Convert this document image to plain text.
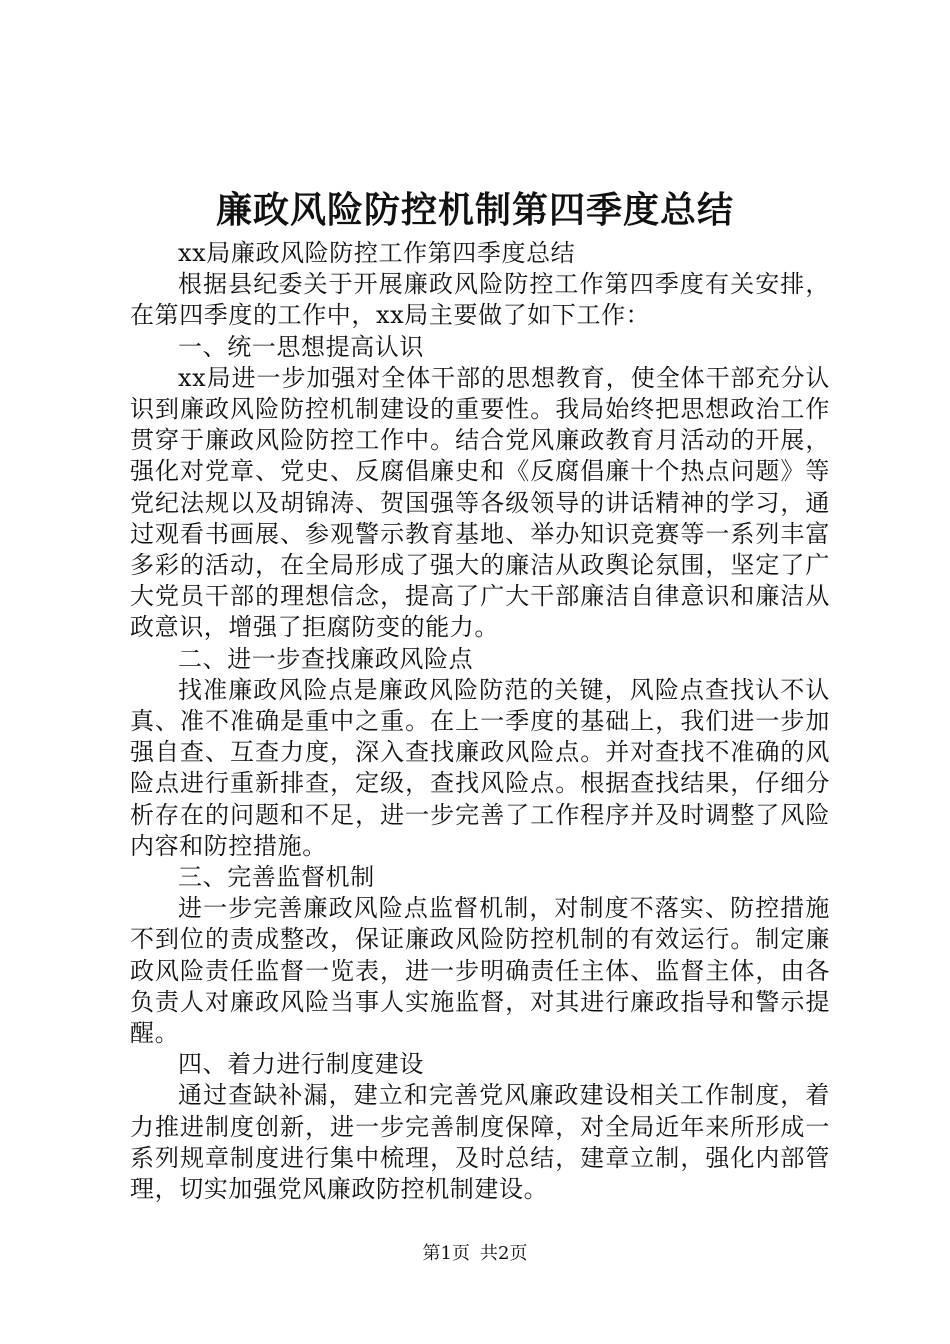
廉政风险防控机制第四季度总结

xx局廉政风险防控工作第四季度总结

根据县纪委关于开展廉政风险防控工作第四季度有关安排，在第四季度的工作中，xx局主要做了如下工作：

一、统一思想提高认识

xx局进一步加强对全体干部的思想教育，使全体干部充分认识到廉政风险防控机制建设的重要性。我局始终把思想政治工作贯穿于廉政风险防控工作中。结合党风廉政教育月活动的开展，强化对党章、党史、反腐倡廉史和《反腐倡廉十个热点问题》等党纪法规以及胡锦涛、贺国强等各级领导的讲话精神的学习，通过观看书画展、参观警示教育基地、举办知识竞赛等一系列丰富多彩的活动，在全局形成了强大的廉洁从政舆论氛围，坚定了广大党员干部的理想信念，提高了广大干部廉洁自律意识和廉洁从政意识，增强了拒腐防变的能力。

二、进一步查找廉政风险点

找准廉政风险点是廉政风险防范的关键，风险点查找认不认真、准不准确是重中之重。在上一季度的基础上，我们进一步加强自查、互查力度，深入查找廉政风险点。并对查找不准确的风险点进行重新排查，定级，查找风险点。根据查找结果，仔细分析存在的问题和不足，进一步完善了工作程序并及时调整了风险内容和防控措施。

三、完善监督机制

进一步完善廉政风险点监督机制，对制度不落实、防控措施不到位的责成整改，保证廉政风险防控机制的有效运行。制定廉政风险责任监督一览表，进一步明确责任主体、监督主体，由各负责人对廉政风险当事人实施监督，对其进行廉政指导和警示提醒。

四、着力进行制度建设

通过查缺补漏，建立和完善党风廉政建设相关工作制度，着力推进制度创新，进一步完善制度保障，对全局近年来所形成一系列规章制度进行集中梳理，及时总结，建章立制，强化内部管理，切实加强党风廉政防控机制建设。

第1页 共2页
